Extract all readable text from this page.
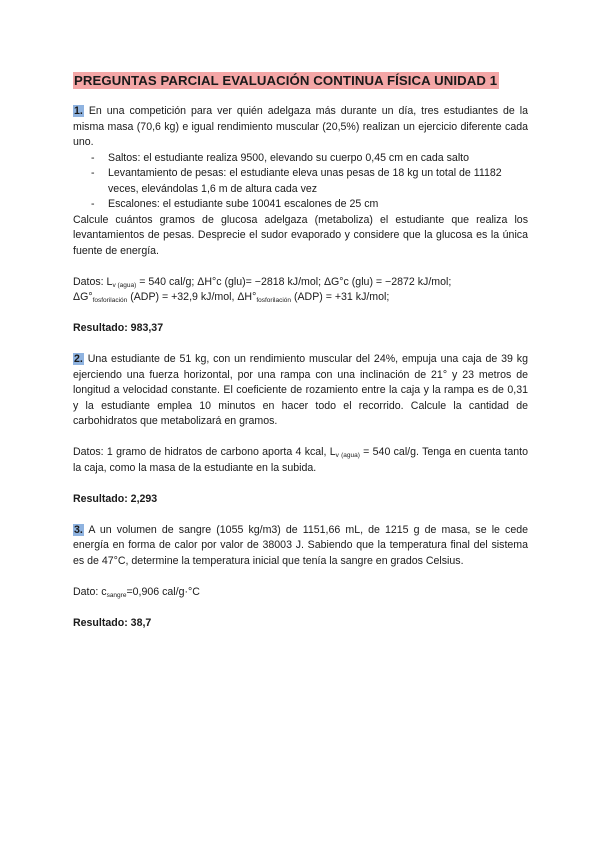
PREGUNTAS PARCIAL EVALUACIÓN CONTINUA FÍSICA UNIDAD 1

1. En una competición para ver quién adelgaza más durante un día, tres estudiantes de la misma masa (70,6 kg) e igual rendimiento muscular (20,5%) realizan un ejercicio diferente cada uno.

- Saltos: el estudiante realiza 9500, elevando su cuerpo 0,45 cm en cada salto
- Levantamiento de pesas: el estudiante eleva unas pesas de 18 kg un total de 11182 veces, elevándolas 1,6 m de altura cada vez
- Escalones: el estudiante sube 10041 escalones de 25 cm

Calcule cuántos gramos de glucosa adelgaza (metaboliza) el estudiante que realiza los levantamientos de pesas. Desprecie el sudor evaporado y considere que la glucosa es la única fuente de energía.

Datos: $L_{v (agua)} = 540$ cal/g; ΔH°c (glu)= −2818 kJ/mol; ΔG°c (glu) = −2872 kJ/mol;
$\Delta G^\circ_{fosforilación}$ (ADP) = +32,9 kJ/mol, $\Delta H^\circ_{fosforilación}$ (ADP) = +31 kJ/mol;

Resultado: 983,37

2. Una estudiante de 51 kg, con un rendimiento muscular del 24%, empuja una caja de 39 kg ejerciendo una fuerza horizontal, por una rampa con una inclinación de 21° y 23 metros de longitud a velocidad constante. El coeficiente de rozamiento entre la caja y la rampa es de 0,31 y la estudiante emplea 10 minutos en hacer todo el recorrido. Calcule la cantidad de carbohidratos que metabolizará en gramos.

Datos: 1 gramo de hidratos de carbono aporta 4 kcal, $L_{v (agua)} = 540$ cal/g. Tenga en cuenta tanto la caja, como la masa de la estudiante en la subida.

Resultado: 2,293

3. A un volumen de sangre (1055 kg/m3) de 1151,66 mL, de 1215 g de masa, se le cede energía en forma de calor por valor de 38003 J. Sabiendo que la temperatura final del sistema es de 47°C, determine la temperatura inicial que tenía la sangre en grados Celsius.

Dato: $c_{sangre}=0,906$ cal/g·°C

Resultado: 38,7
